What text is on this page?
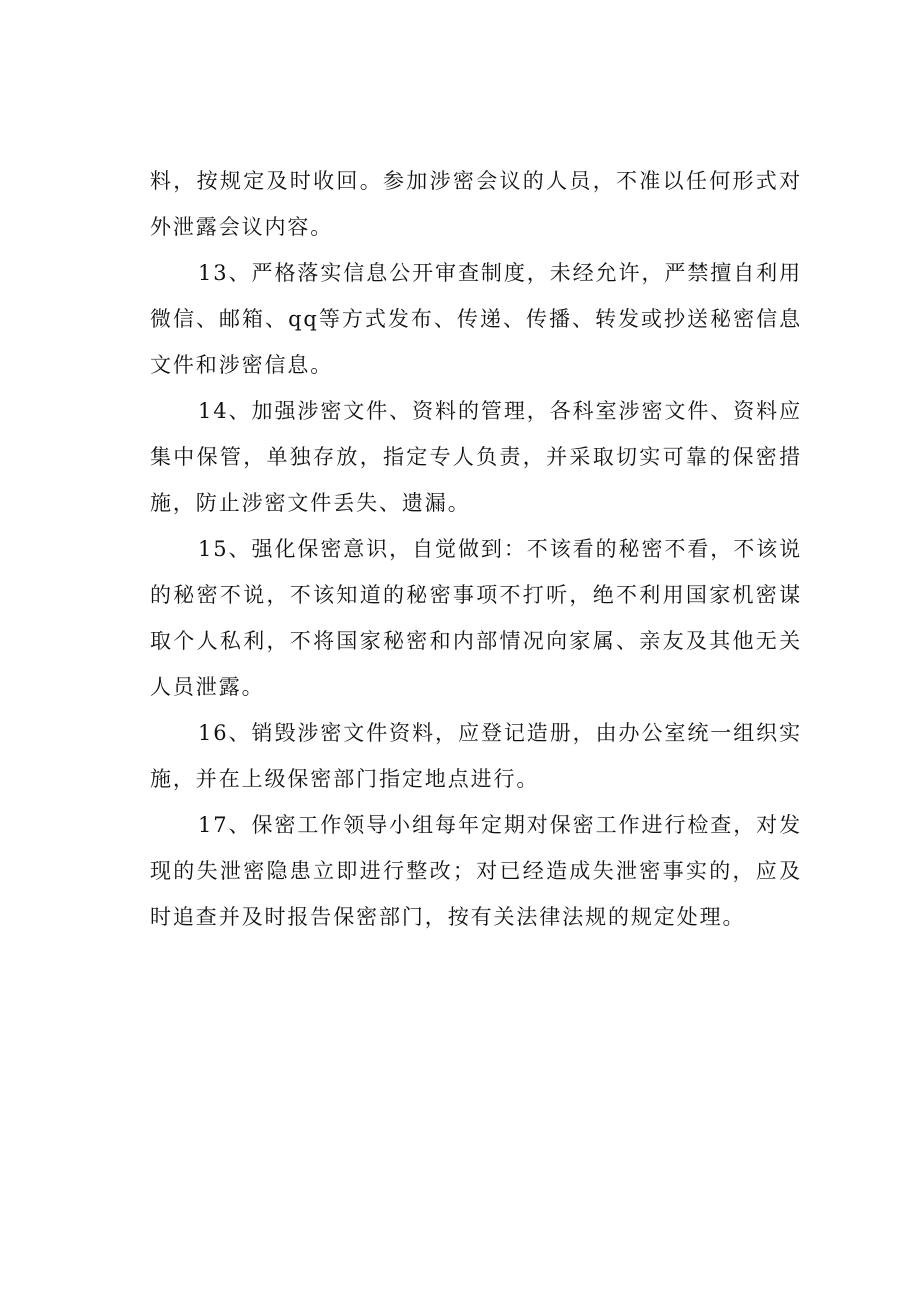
料，按规定及时收回。参加涉密会议的人员，不准以任何形式对外泄露会议内容。

13、严格落实信息公开审查制度，未经允许，严禁擅自利用微信、邮箱、qq等方式发布、传递、传播、转发或抄送秘密信息文件和涉密信息。

14、加强涉密文件、资料的管理，各科室涉密文件、资料应集中保管，单独存放，指定专人负责，并采取切实可靠的保密措施，防止涉密文件丢失、遗漏。

15、强化保密意识，自觉做到：不该看的秘密不看，不该说的秘密不说，不该知道的秘密事项不打听，绝不利用国家机密谋取个人私利，不将国家秘密和内部情况向家属、亲友及其他无关人员泄露。

16、销毁涉密文件资料，应登记造册，由办公室统一组织实施，并在上级保密部门指定地点进行。

17、保密工作领导小组每年定期对保密工作进行检查，对发现的失泄密隐患立即进行整改；对已经造成失泄密事实的，应及时追查并及时报告保密部门，按有关法律法规的规定处理。
